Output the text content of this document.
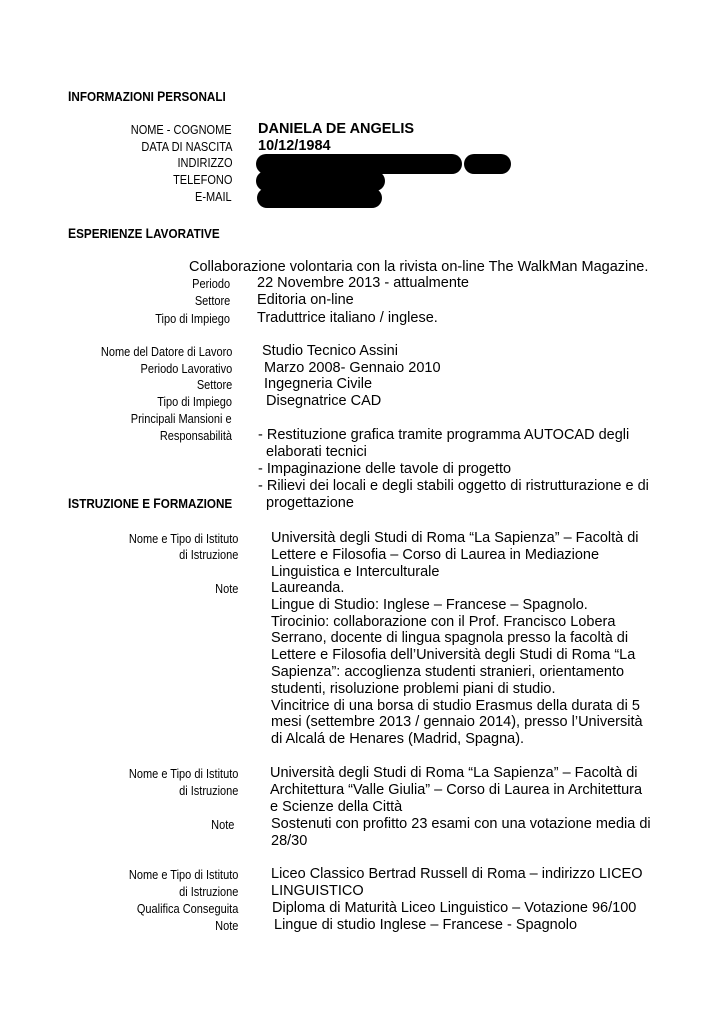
INFORMAZIONI PERSONALI
NOME - COGNOME DANIELA DE ANGELIS
DATA DI NASCITA 10/12/1984
INDIRIZZO
TELEFONO
E-MAIL
ESPERIENZE LAVORATIVE
Collaborazione volontaria con la rivista on-line The WalkMan Magazine.
Periodo 22 Novembre 2013 - attualmente
Settore Editoria on-line
Tipo di Impiego Traduttrice italiano / inglese.
Nome del Datore di Lavoro Studio Tecnico Assini
Periodo Lavorativo Marzo 2008- Gennaio 2010
Settore Ingegneria Civile
Tipo di Impiego Disegnatrice CAD
Principali Mansioni e
Responsabilità - Restituzione grafica tramite programma AUTOCAD degli
elaborati tecnici
- Impaginazione delle tavole di progetto
- Rilievi dei locali e degli stabili oggetto di ristrutturazione e di
progettazione

ISTRUZIONE E FORMAZIONE
Nome e Tipo di Istituto
di Istruzione
Università degli Studi di Roma “La Sapienza” – Facoltà di
Lettere e Filosofia – Corso di Laurea in Mediazione
Linguistica e Interculturale
Note Laureanda.
Lingue di Studio: Inglese – Francese – Spagnolo.
Tirocinio: collaborazione con il Prof. Francisco Lobera
Serrano, docente di lingua spagnola presso la facoltà di
Lettere e Filosofia dell’Università degli Studi di Roma “La
Sapienza”: accoglienza studenti stranieri, orientamento
studenti, risoluzione problemi piani di studio.
Vincitrice di una borsa di studio Erasmus della durata di 5
mesi (settembre 2013 / gennaio 2014), presso l’Università
di Alcalá de Henares (Madrid, Spagna).
Nome e Tipo di Istituto
di Istruzione
Università degli Studi di Roma “La Sapienza” – Facoltà di
Architettura “Valle Giulia” – Corso di Laurea in Architettura
e Scienze della Città
Note	Sostenuti con profitto 23 esami con una votazione media di
28/30
Nome e Tipo di Istituto
di Istruzione
Liceo Classico Bertrad Russell di Roma – indirizzo LICEO
LINGUISTICO
Qualifica Conseguita Diploma di Maturità Liceo Linguistico – Votazione 96/100
Note Lingue di studio Inglese – Francese - Spagnolo
